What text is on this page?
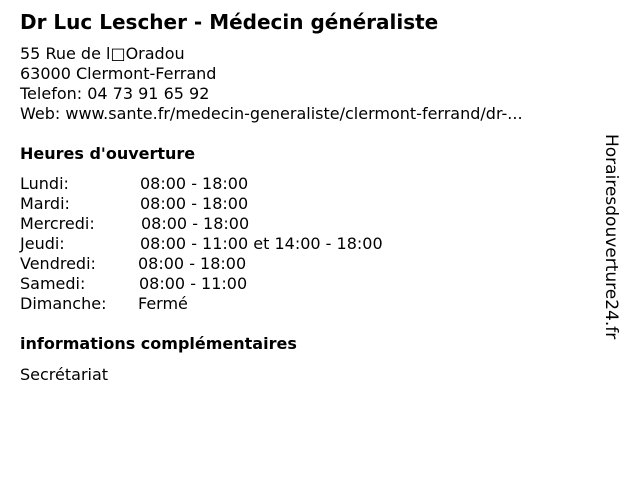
Dr Luc Lescher - Médecin généraliste
55 Rue de l□Oradou
63000 Clermont-Ferrand
Telefon: 04 73 91 65 92
Web: www.sante.fr/medecin-generaliste/clermont-ferrand/dr-...
Heures d'ouverture
Lundi:	08:00 - 18:00
Mardi:	08:00 - 18:00
Mercredi:	08:00 - 18:00
Jeudi:	08:00 - 11:00 et 14:00 - 18:00
Vendredi:	08:00 - 18:00
Samedi:	08:00 - 11:00
Dimanche: Fermé
informations complémentaires
Secrétariat
Horairesdouverture24.fr
